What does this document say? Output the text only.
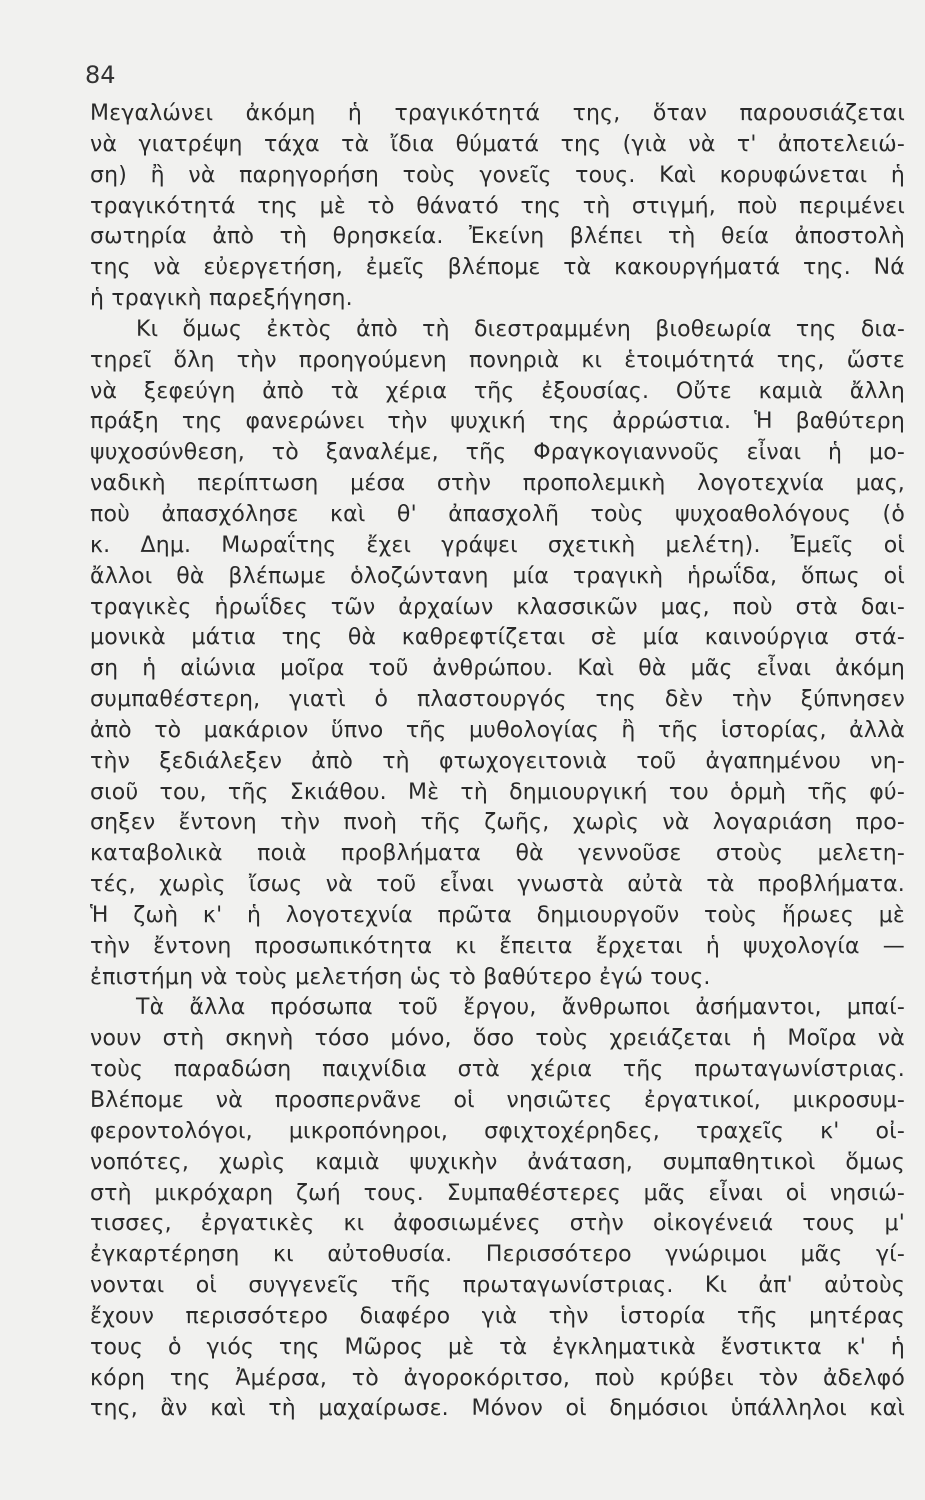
84
Μεγαλώνει ἀκόμη ἡ τραγικότητά της, ὅταν παρουσιάζεται
νὰ γιατρέψη τάχα τὰ ἴδια θύματά της (γιὰ νὰ τ' ἀποτελειώ-
ση) ἢ νὰ παρηγορήση τοὺς γονεῖς τους. Καὶ κορυφώνεται ἡ
τραγικότητά της μὲ τὸ θάνατό της τὴ στιγμή, ποὺ περιμένει
σωτηρία ἀπὸ τὴ θρησκεία. Ἐκείνη βλέπει τὴ θεία ἀποστολὴ
της νὰ εὐεργετήση, ἐμεῖς βλέπομε τὰ κακουργήματά της. Νά
ἡ τραγικὴ παρεξήγηση.
Κι ὅμως ἐκτὸς ἀπὸ τὴ διεστραμμένη βιοθεωρία της δια-
τηρεῖ ὅλη τὴν προηγούμενη πονηριὰ κι ἑτοιμότητά της, ὥστε
νὰ ξεφεύγη ἀπὸ τὰ χέρια τῆς ἐξουσίας. Οὔτε καμιὰ ἄλλη
πράξη της φανερώνει τὴν ψυχική της ἀρρώστια. Ἡ βαθύτερη
ψυχοσύνθεση, τὸ ξαναλέμε, τῆς Φραγκογιαννοῦς εἶναι ἡ μο-
ναδικὴ περίπτωση μέσα στὴν προπολεμικὴ λογοτεχνία μας,
ποὺ ἀπασχόλησε καὶ θ' ἀπασχολῆ τοὺς ψυχοαθολόγους (ὁ
κ. Δημ. Μωραΐτης ἔχει γράψει σχετικὴ μελέτη). Ἐμεῖς οἱ
ἄλλοι θὰ βλέπωμε ὁλοζώντανη μία τραγικὴ ἡρωΐδα, ὅπως οἱ
τραγικὲς ἡρωΐδες τῶν ἀρχαίων κλασσικῶν μας, ποὺ στὰ δαι-
μονικὰ μάτια της θὰ καθρεφτίζεται σὲ μία καινούργια στά-
ση ἡ αἰώνια μοῖρα τοῦ ἀνθρώπου. Καὶ θὰ μᾶς εἶναι ἀκόμη
συμπαθέστερη, γιατὶ ὁ πλαστουργός της δὲν τὴν ξύπνησεν
ἀπὸ τὸ μακάριον ὕπνο τῆς μυθολογίας ἢ τῆς ἱστορίας, ἀλλὰ
τὴν ξεδιάλεξεν ἀπὸ τὴ φτωχογειτονιὰ τοῦ ἀγαπημένου νη-
σιοῦ του, τῆς Σκιάθου. Μὲ τὴ δημιουργική του ὁρμὴ τῆς φύ-
σηξεν ἔντονη τὴν πνοὴ τῆς ζωῆς, χωρὶς νὰ λογαριάση προ-
καταβολικὰ ποιὰ προβλήματα θὰ γεννοῦσε στοὺς μελετη-
τές, χωρὶς ἴσως νὰ τοῦ εἶναι γνωστὰ αὐτὰ τὰ προβλήματα.
Ἡ ζωὴ κ' ἡ λογοτεχνία πρῶτα δημιουργοῦν τοὺς ἥρωες μὲ
τὴν ἔντονη προσωπικότητα κι ἔπειτα ἔρχεται ἡ ψυχολογία —
ἐπιστήμη νὰ τοὺς μελετήση ὡς τὸ βαθύτερο ἐγώ τους.
Τὰ ἄλλα πρόσωπα τοῦ ἔργου, ἄνθρωποι ἀσήμαντοι, μπαί-
νουν στὴ σκηνὴ τόσο μόνο, ὅσο τοὺς χρειάζεται ἡ Μοῖρα νὰ
τοὺς παραδώση παιχνίδια στὰ χέρια τῆς πρωταγωνίστριας.
Βλέπομε νὰ προσπερνᾶνε οἱ νησιῶτες ἐργατικοί, μικροσυμ-
φεροντολόγοι, μικροπόνηροι, σφιχτοχέρηδες, τραχεῖς κ' οἰ-
νοπότες, χωρὶς καμιὰ ψυχικὴν ἀνάταση, συμπαθητικοὶ ὅμως
στὴ μικρόχαρη ζωή τους. Συμπαθέστερες μᾶς εἶναι οἱ νησιώ-
τισσες, ἐργατικὲς κι ἀφοσιωμένες στὴν οἰκογένειά τους μ'
ἐγκαρτέρηση κι αὐτοθυσία. Περισσότερο γνώριμοι μᾶς γί-
νονται οἱ συγγενεῖς τῆς πρωταγωνίστριας. Κι ἀπ' αὐτοὺς
ἔχουν περισσότερο διαφέρο γιὰ τὴν ἱστορία τῆς μητέρας
τους ὁ γιός της Μῶρος μὲ τὰ ἐγκληματικὰ ἔνστικτα κ' ἡ
κόρη της Ἀμέρσα, τὸ ἀγοροκόριτσο, ποὺ κρύβει τὸν ἀδελφό
της, ἂν καὶ τὴ μαχαίρωσε. Μόνον οἱ δημόσιοι ὑπάλληλοι καὶ
